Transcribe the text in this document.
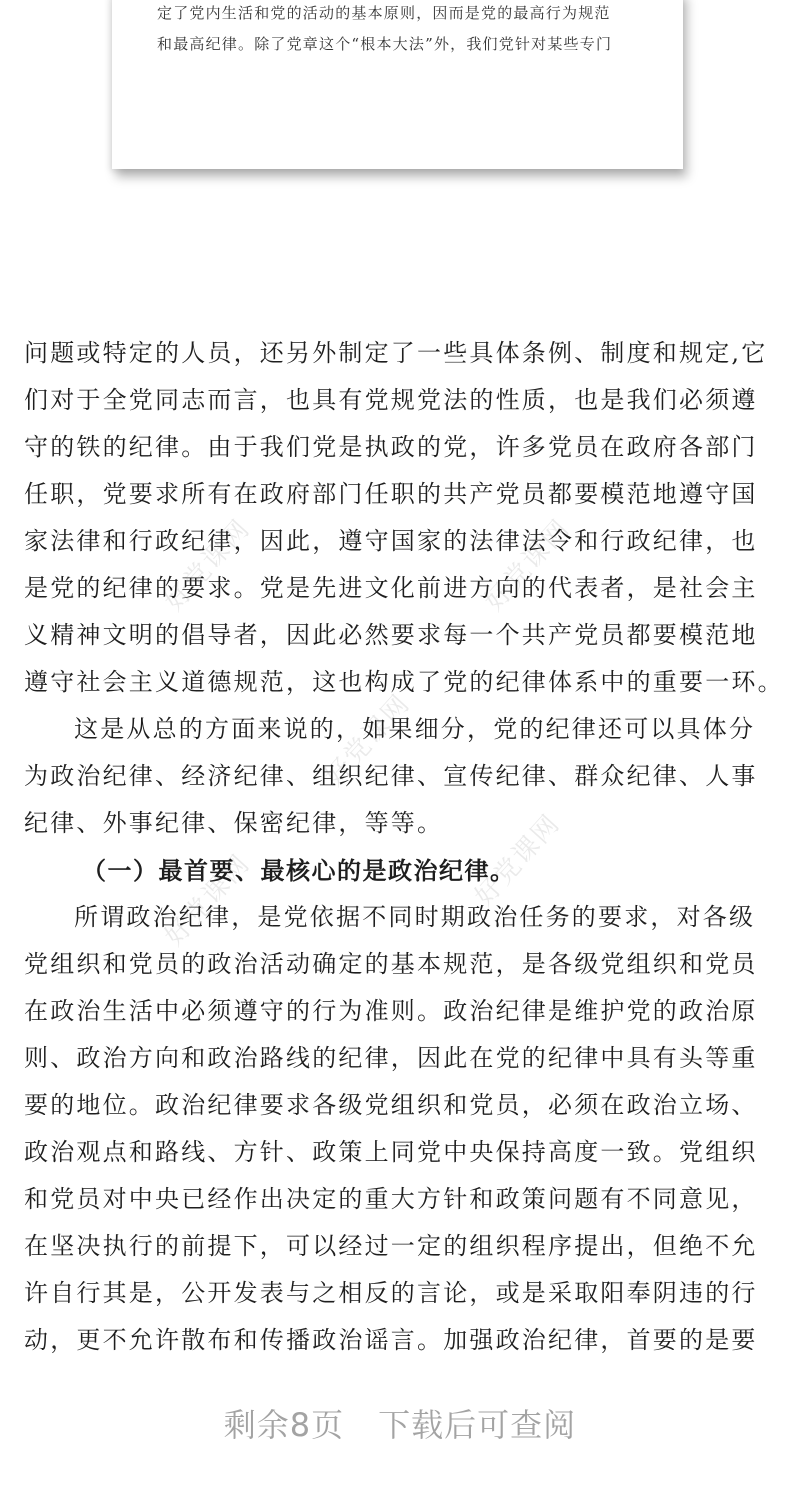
定了党内生活和党的活动的基本原则，因而是党的最高行为规范
和最高纪律。除了党章这个“根本大法”外，我们党针对某些专门
好党课网	好党课网
好党课网
好党课网	好党课网
问题或特定的人员，还另外制定了一些具体条例、制度和规定,它
们对于全党同志而言，也具有党规党法的性质，也是我们必须遵
守的铁的纪律。由于我们党是执政的党，许多党员在政府各部门
任职，党要求所有在政府部门任职的共产党员都要模范地遵守国
家法律和行政纪律，因此，遵守国家的法律法令和行政纪律，也
是党的纪律的要求。党是先进文化前进方向的代表者，是社会主
义精神文明的倡导者，因此必然要求每一个共产党员都要模范地
遵守社会主义道德规范，这也构成了党的纪律体系中的重要一环。
这是从总的方面来说的，如果细分，党的纪律还可以具体分
为政治纪律、经济纪律、组织纪律、宣传纪律、群众纪律、人事
纪律、外事纪律、保密纪律，等等。
（一）最首要、最核心的是政治纪律。
所谓政治纪律，是党依据不同时期政治任务的要求，对各级
党组织和党员的政治活动确定的基本规范，是各级党组织和党员
在政治生活中必须遵守的行为准则。政治纪律是维护党的政治原
则、政治方向和政治路线的纪律，因此在党的纪律中具有头等重
要的地位。政治纪律要求各级党组织和党员，必须在政治立场、
政治观点和路线、方针、政策上同党中央保持高度一致。党组织
和党员对中央已经作出决定的重大方针和政策问题有不同意见，
在坚决执行的前提下，可以经过一定的组织程序提出，但绝不允
许自行其是，公开发表与之相反的言论，或是采取阳奉阴违的行
动，更不允许散布和传播政治谣言。加强政治纪律，首要的是要
剩余8页 下载后可查阅
